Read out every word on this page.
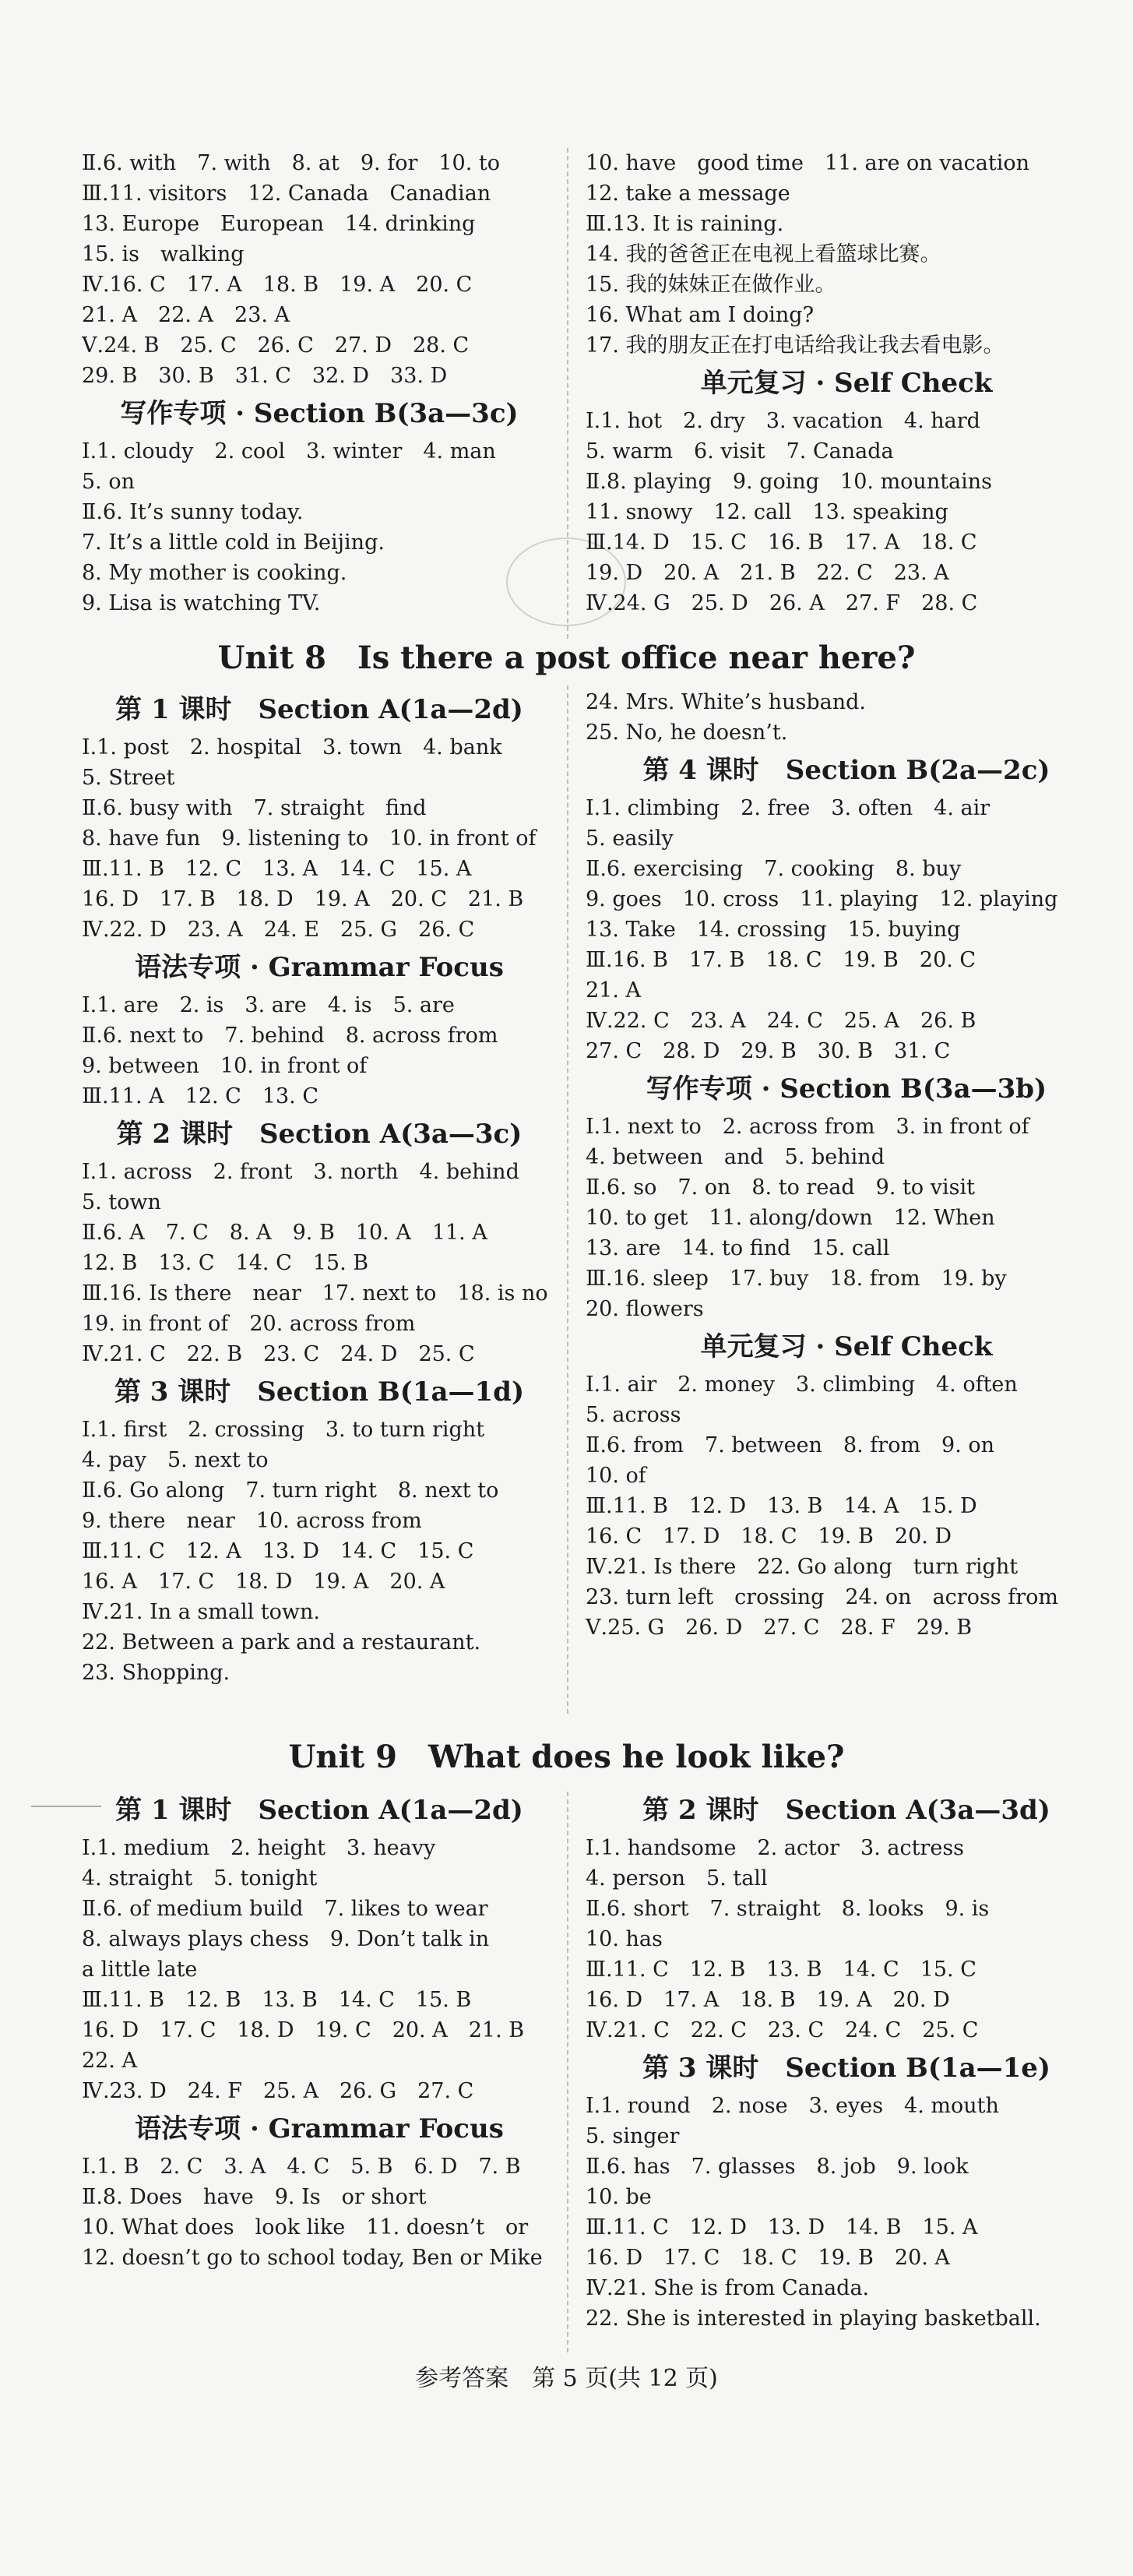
Ⅱ.6. with　7. with　8. at　9. for　10. to
Ⅲ.11. visitors　12. Canada　Canadian
13. Europe　European　14. drinking
15. is　walking
Ⅳ.16. C　17. A　18. B　19. A　20. C
21. A　22. A　23. A
Ⅴ.24. B　25. C　26. C　27. D　28. C
29. B　30. B　31. C　32. D　33. D
写作专项 · Section B(3a—3c)
Ⅰ.1. cloudy　2. cool　3. winter　4. man
5. on
Ⅱ.6. It’s sunny today.
7. It’s a little cold in Beijing.
8. My mother is cooking.
9. Lisa is watching TV.
10. have　good time　11. are on vacation
12. take a message
Ⅲ.13. It is raining.
14. 我的爸爸正在电视上看篮球比赛。
15. 我的妹妹正在做作业。
16. What am I doing?
17. 我的朋友正在打电话给我让我去看电影。
单元复习 · Self Check
Ⅰ.1. hot　2. dry　3. vacation　4. hard
5. warm　6. visit　7. Canada
Ⅱ.8. playing　9. going　10. mountains
11. snowy　12. call　13. speaking
Ⅲ.14. D　15. C　16. B　17. A　18. C
19. D　20. A　21. B　22. C　23. A
Ⅳ.24. G　25. D　26. A　27. F　28. C
Unit 8　Is there a post office near here?
第 1 课时　Section A(1a—2d)
Ⅰ.1. post　2. hospital　3. town　4. bank
5. Street
Ⅱ.6. busy with　7. straight　find
8. have fun　9. listening to　10. in front of
Ⅲ.11. B　12. C　13. A　14. C　15. A
16. D　17. B　18. D　19. A　20. C　21. B
Ⅳ.22. D　23. A　24. E　25. G　26. C
语法专项 · Grammar Focus
Ⅰ.1. are　2. is　3. are　4. is　5. are
Ⅱ.6. next to　7. behind　8. across from
9. between　10. in front of
Ⅲ.11. A　12. C　13. C
第 2 课时　Section A(3a—3c)
Ⅰ.1. across　2. front　3. north　4. behind
5. town
Ⅱ.6. A　7. C　8. A　9. B　10. A　11. A
12. B　13. C　14. C　15. B
Ⅲ.16. Is there　near　17. next to　18. is no
19. in front of　20. across from
Ⅳ.21. C　22. B　23. C　24. D　25. C
第 3 课时　Section B(1a—1d)
Ⅰ.1. first　2. crossing　3. to turn right
4. pay　5. next to
Ⅱ.6. Go along　7. turn right　8. next to
9. there　near　10. across from
Ⅲ.11. C　12. A　13. D　14. C　15. C
16. A　17. C　18. D　19. A　20. A
Ⅳ.21. In a small town.
22. Between a park and a restaurant.
23. Shopping.
24. Mrs. White’s husband.
25. No, he doesn’t.
第 4 课时　Section B(2a—2c)
Ⅰ.1. climbing　2. free　3. often　4. air
5. easily
Ⅱ.6. exercising　7. cooking　8. buy
9. goes　10. cross　11. playing　12. playing
13. Take　14. crossing　15. buying
Ⅲ.16. B　17. B　18. C　19. B　20. C
21. A
Ⅳ.22. C　23. A　24. C　25. A　26. B
27. C　28. D　29. B　30. B　31. C
写作专项 · Section B(3a—3b)
Ⅰ.1. next to　2. across from　3. in front of
4. between　and　5. behind
Ⅱ.6. so　7. on　8. to read　9. to visit
10. to get　11. along/down　12. When
13. are　14. to find　15. call
Ⅲ.16. sleep　17. buy　18. from　19. by
20. flowers
单元复习 · Self Check
Ⅰ.1. air　2. money　3. climbing　4. often
5. across
Ⅱ.6. from　7. between　8. from　9. on
10. of
Ⅲ.11. B　12. D　13. B　14. A　15. D
16. C　17. D　18. C　19. B　20. D
Ⅳ.21. Is there　22. Go along　turn right
23. turn left　crossing　24. on　across from
Ⅴ.25. G　26. D　27. C　28. F　29. B
Unit 9　What does he look like?
第 1 课时　Section A(1a—2d)
Ⅰ.1. medium　2. height　3. heavy
4. straight　5. tonight
Ⅱ.6. of medium build　7. likes to wear
8. always plays chess　9. Don’t talk in
a little late
Ⅲ.11. B　12. B　13. B　14. C　15. B
16. D　17. C　18. D　19. C　20. A　21. B
22. A
Ⅳ.23. D　24. F　25. A　26. G　27. C
语法专项 · Grammar Focus
Ⅰ.1. B　2. C　3. A　4. C　5. B　6. D　7. B
Ⅱ.8. Does　have　9. Is　or short
10. What does　look like　11. doesn’t　or
12. doesn’t go to school today, Ben or Mike
第 2 课时　Section A(3a—3d)
Ⅰ.1. handsome　2. actor　3. actress
4. person　5. tall
Ⅱ.6. short　7. straight　8. looks　9. is
10. has
Ⅲ.11. C　12. B　13. B　14. C　15. C
16. D　17. A　18. B　19. A　20. D
Ⅳ.21. C　22. C　23. C　24. C　25. C
第 3 课时　Section B(1a—1e)
Ⅰ.1. round　2. nose　3. eyes　4. mouth
5. singer
Ⅱ.6. has　7. glasses　8. job　9. look
10. be
Ⅲ.11. C　12. D　13. D　14. B　15. A
16. D　17. C　18. C　19. B　20. A
Ⅳ.21. She is from Canada.
22. She is interested in playing basketball.
参考答案　第 5 页(共 12 页)
